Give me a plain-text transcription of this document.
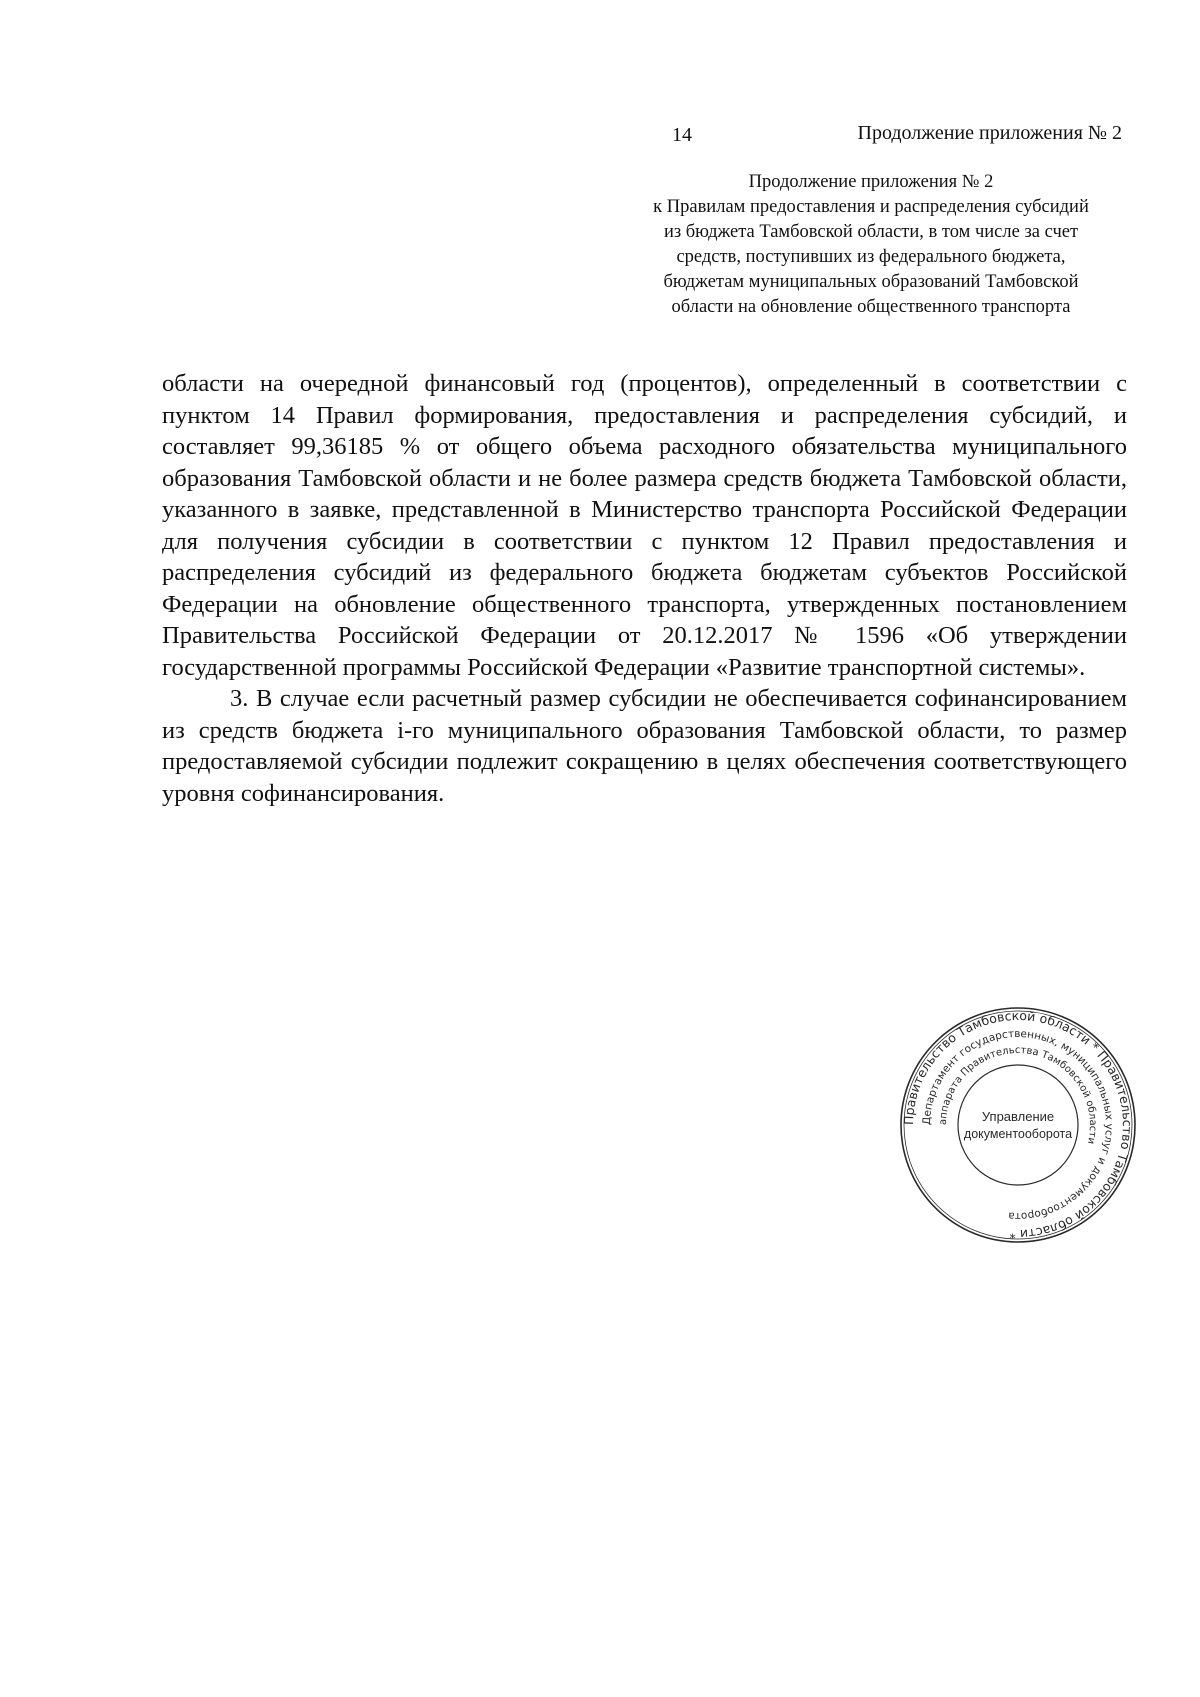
14	Продолжение приложения № 2
Продолжение приложения № 2
к Правилам предоставления и распределения субсидий
из бюджета Тамбовской области, в том числе за счет
средств, поступивших из федерального бюджета,
бюджетам муниципальных образований Тамбовской
области на обновление общественного транспорта

области на очередной финансовый год (процентов), определенный в соответствии с пунктом 14 Правил формирования, предоставления и распределения субсидий, и составляет 99,36185 % от общего объема расходного обязательства муниципального образования Тамбовской области и не более размера средств бюджета Тамбовской области, указанного в заявке, представленной в Министерство транспорта Российской Федерации для получения субсидии в соответствии с пунктом 12 Правил предоставления и распределения субсидий из федерального бюджета бюджетам субъектов Российской Федерации на обновление общественного транспорта, утвержденных постановлением Правительства Российской Федерации от 20.12.2017 № 1596 «Об утверждении государственной программы Российской Федерации «Развитие транспортной системы».

3. В случае если расчетный размер субсидии не обеспечивается софинансированием из средств бюджета i-го муниципального образования Тамбовской области, то размер предоставляемой субсидии подлежит сокращению в целях обеспечения соответствующего уровня софинансирования.

Правительство Тамбовской области * Правительство Тамбовской области *
Департамент государственных, муниципальных услуг и документооборота
аппарата Правительства Тамбовской области
Управление
документооборота
